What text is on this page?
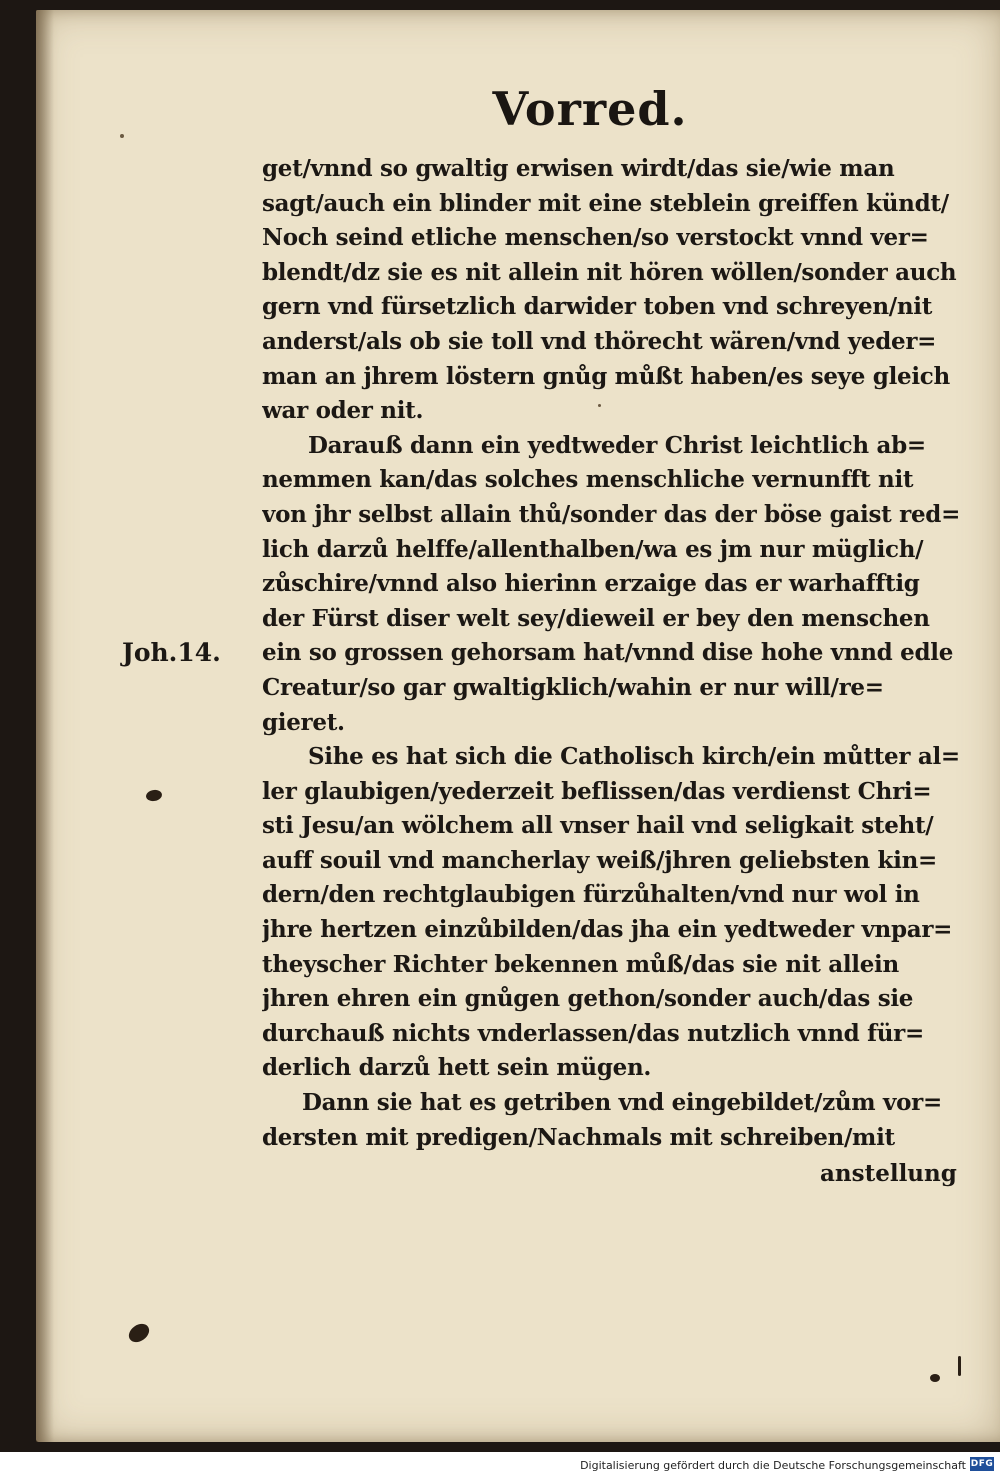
Vorred.
Joh.14.
get/vnnd so gwaltig erwisen wirdt/das sie/wie man
sagt/auch ein blinder mit eine steblein greiffen kündt/
Noch seind etliche menschen/so verstockt vnnd ver=
blendt/dz sie es nit allein nit hören wöllen/sonder auch
gern vnd fürsetzlich darwider toben vnd schreyen/nit
anderst/als ob sie toll vnd thörecht wären/vnd yeder=
man an jhrem löstern gnůg můßt haben/es seye gleich
war oder nit.
Darauß dann ein yedtweder Christ leichtlich ab=
nemmen kan/das solches menschliche vernunfft nit
von jhr selbst allain thů/sonder das der böse gaist red=
lich darzů helffe/allenthalben/wa es jm nur müglich/
zůschire/vnnd also hierinn erzaige das er warhafftig
der Fürst diser welt sey/dieweil er bey den menschen
ein so grossen gehorsam hat/vnnd dise hohe vnnd edle
Creatur/so gar gwaltigklich/wahin er nur will/re=
gieret.
Sihe es hat sich die Catholisch kirch/ein můtter al=
ler glaubigen/yederzeit beflissen/das verdienst Chri=
sti Jesu/an wölchem all vnser hail vnd seligkait steht/
auff souil vnd mancherlay weiß/jhren geliebsten kin=
dern/den rechtglaubigen fürzůhalten/vnd nur wol in
jhre hertzen einzůbilden/das jha ein yedtweder vnpar=
theyscher Richter bekennen můß/das sie nit allein
jhren ehren ein gnůgen gethon/sonder auch/das sie
durchauß nichts vnderlassen/das nutzlich vnnd für=
derlich darzů hett sein mügen.
Dann sie hat es getriben vnd eingebildet/zům vor=
dersten mit predigen/Nachmals mit schreiben/mit
anstellung
Digitalisierung gefördert durch die Deutsche Forschungsgemeinschaft DFG
